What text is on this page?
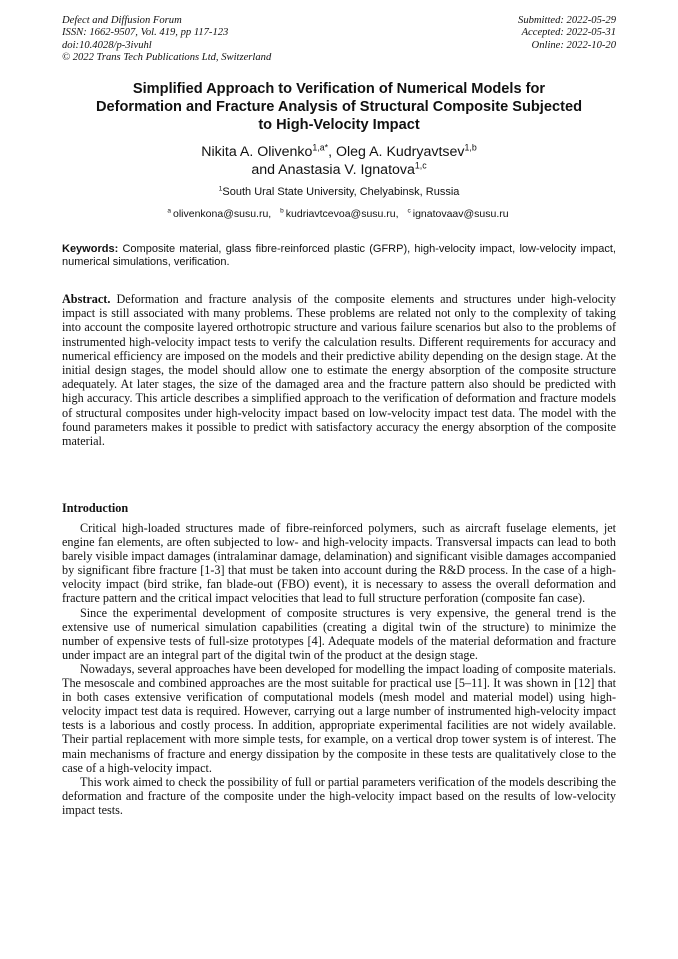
Defect and Diffusion Forum
ISSN: 1662-9507, Vol. 419, pp 117-123
doi:10.4028/p-3ivuhl
© 2022 Trans Tech Publications Ltd, Switzerland
Submitted: 2022-05-29
Accepted: 2022-05-31
Online: 2022-10-20
Simplified Approach to Verification of Numerical Models for
Deformation and Fracture Analysis of Structural Composite Subjected
to High-Velocity Impact
Nikita A. Olivenko$^{1,a*}$, Oleg A. Kudryavtsev$^{1,b}$
and Anastasia V. Ignatova$^{1,c}$
$^1$South Ural State University, Chelyabinsk, Russia
$^a$ olivenkona@susu.ru, $^b$ kudriavtcevoa@susu.ru, $^c$ ignatovaav@susu.ru
Keywords: Composite material, glass fibre-reinforced plastic (GFRP), high-velocity impact, low-velocity impact, numerical simulations, verification.
Abstract. Deformation and fracture analysis of the composite elements and structures under high-velocity impact is still associated with many problems. These problems are related not only to the complexity of taking into account the composite layered orthotropic structure and various failure scenarios but also to the problems of instrumented high-velocity impact tests to verify the calculation results. Different requirements for accuracy and numerical efficiency are imposed on the models and their predictive ability depending on the design stage. At the initial design stages, the model should allow one to estimate the energy absorption of the composite structure adequately. At later stages, the size of the damaged area and the fracture pattern also should be predicted with high accuracy. This article describes a simplified approach to the verification of deformation and fracture models of structural composites under high-velocity impact based on low-velocity impact test data. The model with the found parameters makes it possible to predict with satisfactory accuracy the energy absorption of the composite material.
Introduction

Critical high-loaded structures made of fibre-reinforced polymers, such as aircraft fuselage elements, jet engine fan elements, are often subjected to low- and high-velocity impacts. Transversal impacts can lead to both barely visible impact damages (intralaminar damage, delamination) and significant visible damages accompanied by significant fibre fracture [1-3] that must be taken into account during the R&D process. In the case of a high-velocity impact (bird strike, fan blade-out (FBO) event), it is necessary to assess the overall deformation and fracture pattern and the critical impact velocities that lead to full structure perforation (composite fan case).

Since the experimental development of composite structures is very expensive, the general trend is the extensive use of numerical simulation capabilities (creating a digital twin of the structure) to minimize the number of expensive tests of full-size prototypes [4]. Adequate models of the material deformation and fracture under impact are an integral part of the digital twin of the product at the design stage.

Nowadays, several approaches have been developed for modelling the impact loading of composite materials. The mesoscale and combined approaches are the most suitable for practical use [5–11]. It was shown in [12] that in both cases extensive verification of computational models (mesh model and material model) using high-velocity impact test data is required. However, carrying out a large number of instrumented high-velocity impact tests is a laborious and costly process. In addition, appropriate experimental facilities are not widely available. Their partial replacement with more simple tests, for example, on a vertical drop tower system is of interest. The main mechanisms of fracture and energy dissipation by the composite in these tests are qualitatively close to the case of a high-velocity impact.

This work aimed to check the possibility of full or partial parameters verification of the models describing the deformation and fracture of the composite under the high-velocity impact based on the results of low-velocity impact tests.
